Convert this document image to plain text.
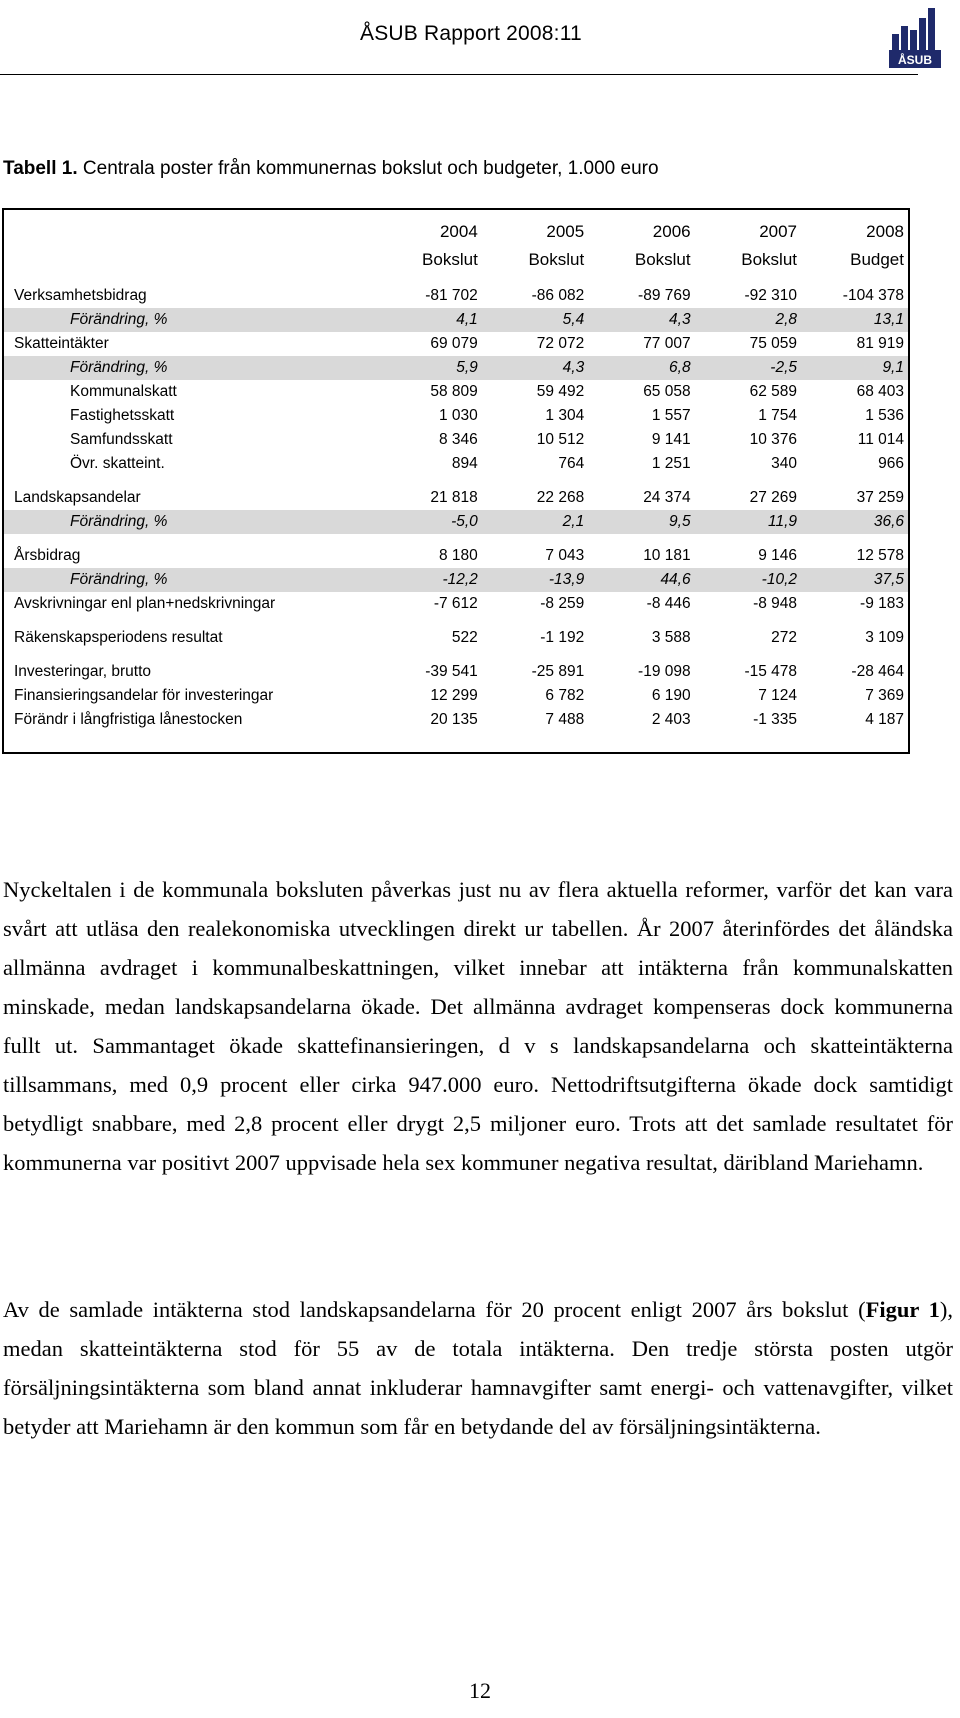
ÅSUB Rapport 2008:11
ÅSUB
Tabell 1. Centrala poster från kommunernas bokslut och budgeter, 1.000 euro

	2004	2005	2006	2007	2008
	Bokslut	Bokslut	Bokslut	Bokslut	Budget

Verksamhetsbidrag	-81 702	-86 082	-89 769	-92 310	-104 378
Förändring, %	4,1	5,4	4,3	2,8	13,1
Skatteintäkter	69 079	72 072	77 007	75 059	81 919
Förändring, %	5,9	4,3	6,8	-2,5	9,1
Kommunalskatt	58 809	59 492	65 058	62 589	68 403
Fastighetsskatt	1 030	1 304	1 557	1 754	1 536
Samfundsskatt	8 346	10 512	9 141	10 376	11 014
Övr. skatteint.	894	764	1 251	340	966

Landskapsandelar	21 818	22 268	24 374	27 269	37 259
Förändring, %	-5,0	2,1	9,5	11,9	36,6

Årsbidrag	8 180	7 043	10 181	9 146	12 578
Förändring, %	-12,2	-13,9	44,6	-10,2	37,5
Avskrivningar enl plan+nedskrivningar	-7 612	-8 259	-8 446	-8 948	-9 183

Räkenskapsperiodens resultat	522	-1 192	3 588	272	3 109

Investeringar, brutto	-39 541	-25 891	-19 098	-15 478	-28 464
Finansieringsandelar för investeringar	12 299	6 782	6 190	7 124	7 369
Förändr i långfristiga lånestocken	20 135	7 488	2 403	-1 335	4 187
Nyckeltalen i de kommunala boksluten påverkas just nu av flera aktuella reformer, varför det kan vara svårt att utläsa den realekonomiska utvecklingen direkt ur tabellen. År 2007 återinfördes det åländska allmänna avdraget i kommunalbeskattningen, vilket innebar att intäkterna från kommunalskatten minskade, medan landskapsandelarna ökade. Det allmänna avdraget kompenseras dock kommunerna fullt ut. Sammantaget ökade skattefinansieringen, d v s landskapsandelarna och skatteintäkterna tillsammans, med 0,9 procent eller cirka 947.000 euro. Nettodriftsutgifterna ökade dock samtidigt betydligt snabbare, med 2,8 procent eller drygt 2,5 miljoner euro. Trots att det samlade resultatet för kommunerna var positivt 2007 uppvisade hela sex kommuner negativa resultat, däribland Mariehamn.
Av de samlade intäkterna stod landskapsandelarna för 20 procent enligt 2007 års bokslut (Figur 1), medan skatteintäkterna stod för 55 av de totala intäkterna. Den tredje största posten utgör försäljningsintäkterna som bland annat inkluderar hamnavgifter samt energi- och vattenavgifter, vilket betyder att Mariehamn är den kommun som får en betydande del av försäljningsintäkterna.
12
